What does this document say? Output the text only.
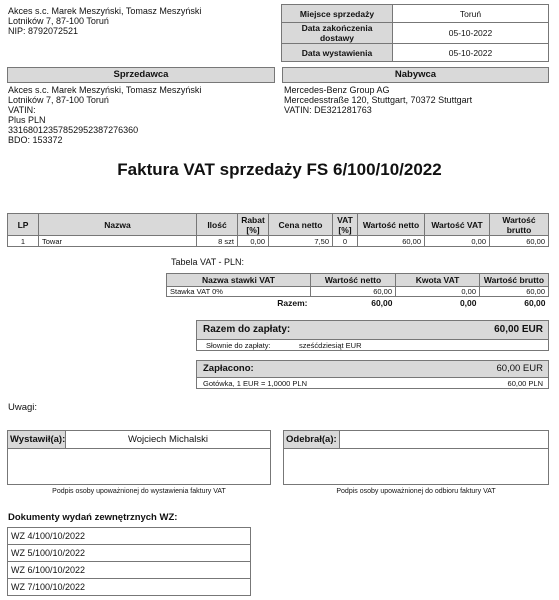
Akces s.c. Marek Meszyński, Tomasz Meszyński
Lotników 7, 87-100 Toruń
NIP: 8792072521
Miejsce sprzedaży	Toruń
Data zakończenia dostawy	05-10-2022
Data wystawienia	05-10-2022
Sprzedawca
Akces s.c. Marek Meszyński, Tomasz Meszyński
Lotników 7, 87-100 Toruń
VATIN:
Plus PLN
33168012357852952387276360
BDO: 153372
Nabywca
Mercedes-Benz Group AG
Mercedesstraße 120, Stuttgart, 70372 Stuttgart
VATIN: DE321281763
Faktura VAT sprzedaży FS 6/100/10/2022
LP	Nazwa	Ilość	Rabat [%]	Cena netto	VAT [%]	Wartość netto	Wartość VAT	Wartość brutto
1	Towar	8 szt	0,00	7,50	0	60,00	0,00	60,00
Tabela VAT - PLN:
Nazwa stawki VAT	Wartość netto	Kwota VAT	Wartość brutto
Stawka VAT 0%	60,00	0,00	60,00
Razem:	60,00	0,00	60,00
Razem do zapłaty:	60,00 EUR
Słownie do zapłaty:	sześćdziesiąt EUR
Zapłacono:	60,00 EUR
Gotówka, 1 EUR = 1,0000 PLN	60,00 PLN
Uwagi:
Wystawił(a):	Wojciech Michalski
Podpis osoby upoważnionej do wystawienia faktury VAT
Odebrał(a):
Podpis osoby upoważnionej do odbioru faktury VAT
Dokumenty wydań zewnętrznych WZ:
WZ 4/100/10/2022
WZ 5/100/10/2022
WZ 6/100/10/2022
WZ 7/100/10/2022
